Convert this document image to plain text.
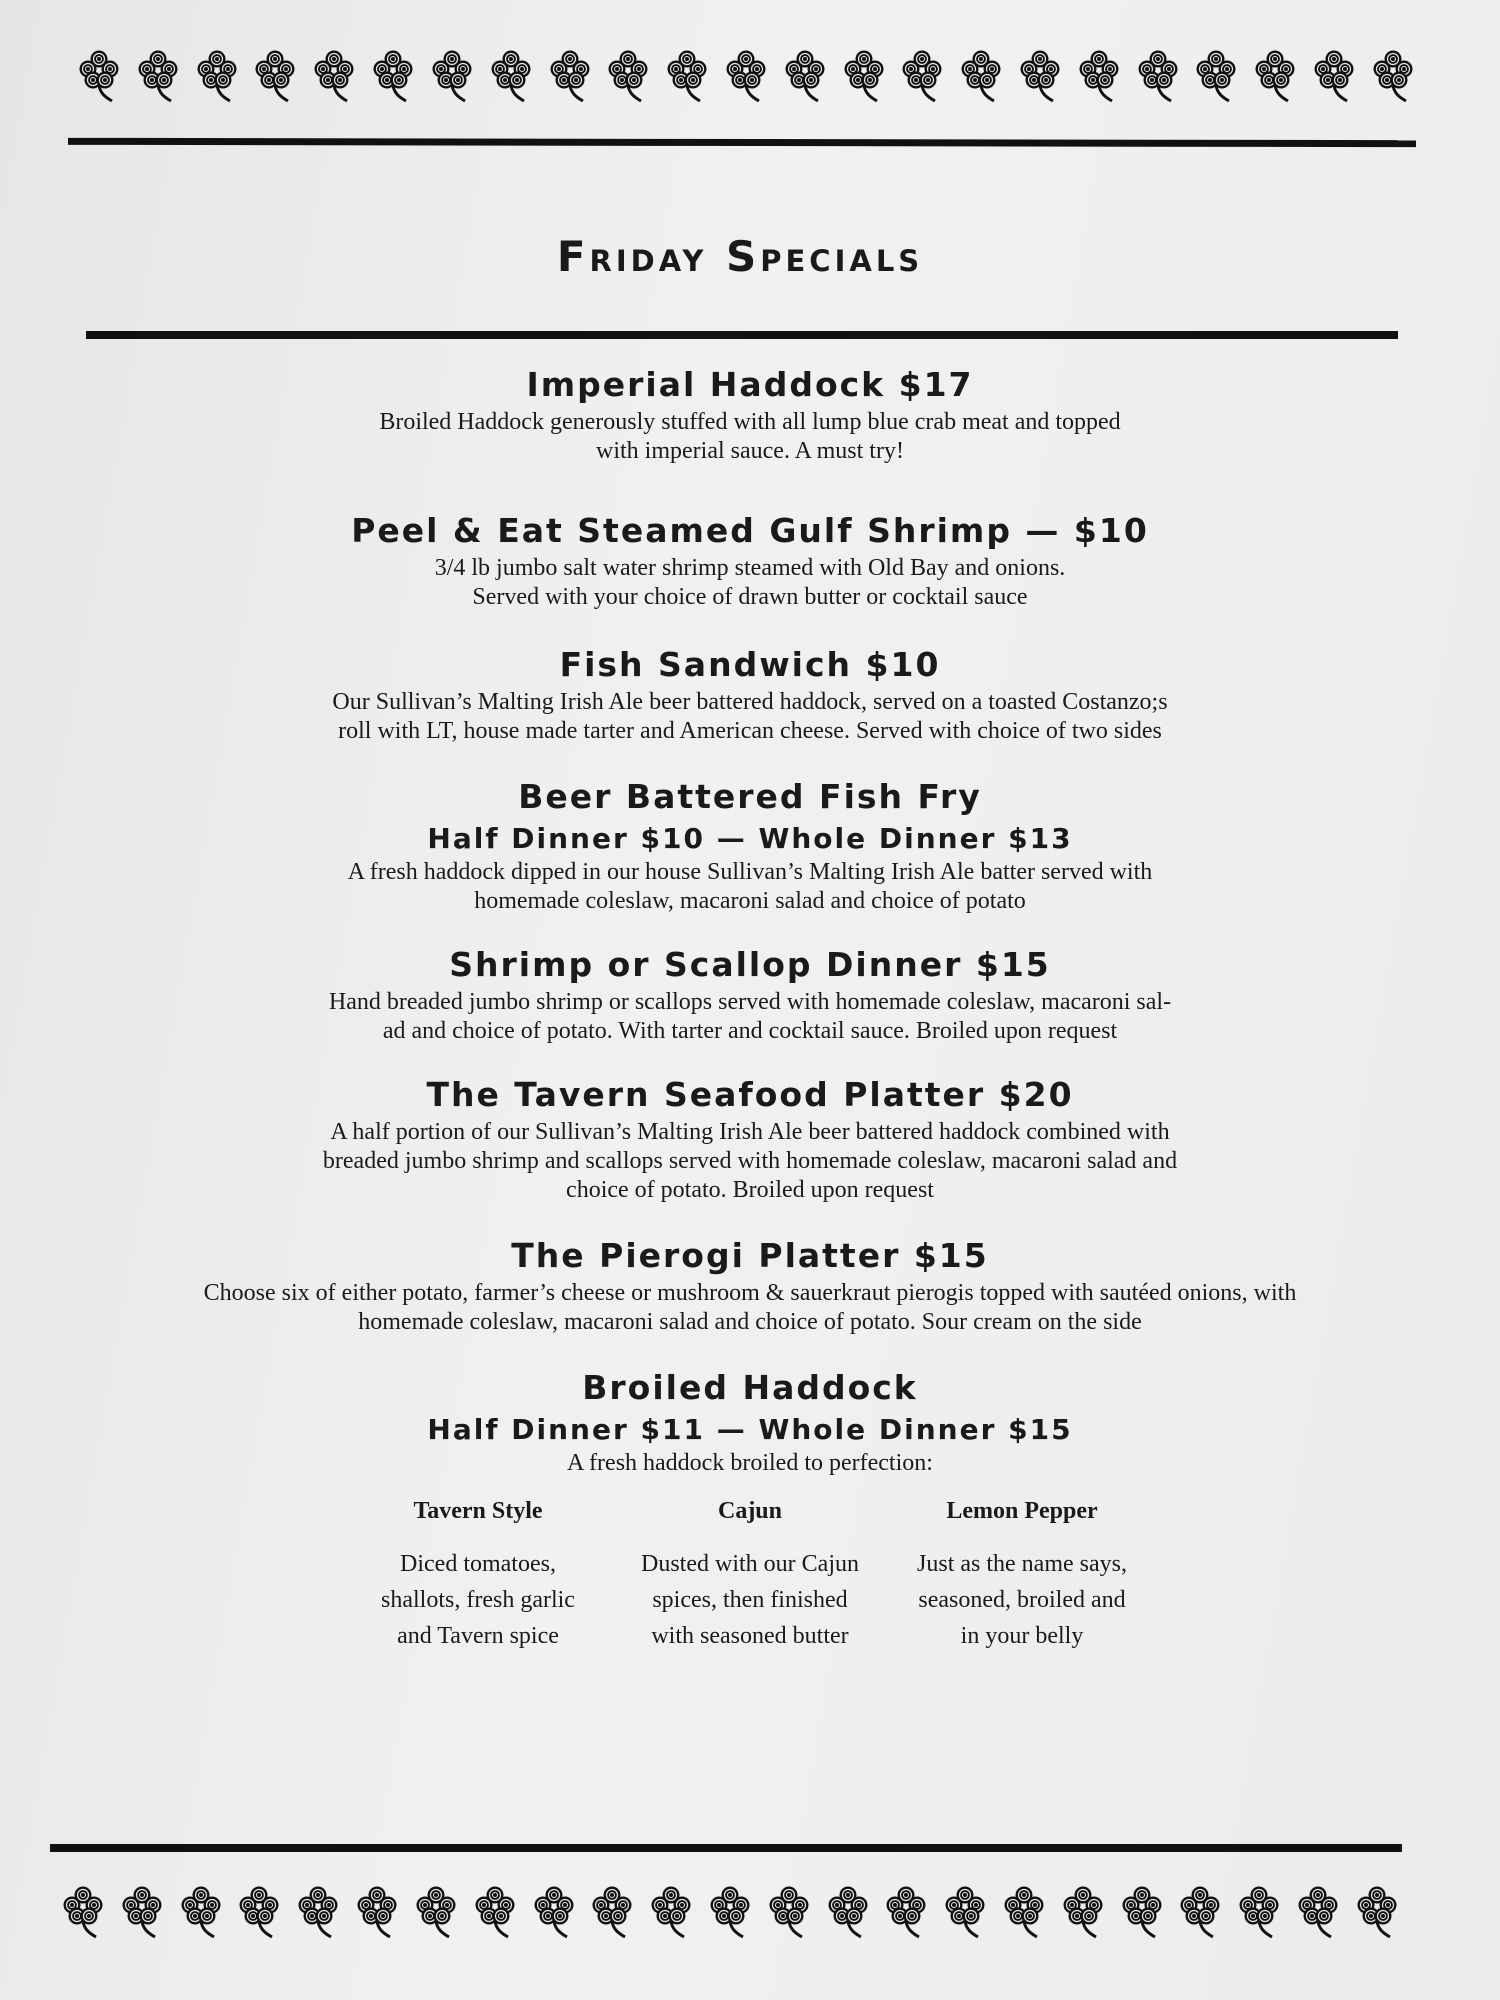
Friday Specials

Imperial Haddock $17

Broiled Haddock generously stuffed with all lump blue crab meat and topped
with imperial sauce. A must try!

Peel & Eat Steamed Gulf Shrimp — $10

3/4 lb jumbo salt water shrimp steamed with Old Bay and onions.
Served with your choice of drawn butter or cocktail sauce

Fish Sandwich $10

Our Sullivan’s Malting Irish Ale beer battered haddock, served on a toasted Costanzo;s
roll with LT, house made tarter and American cheese. Served with choice of two sides

Beer Battered Fish Fry

Half Dinner $10 — Whole Dinner $13

A fresh haddock dipped in our house Sullivan’s Malting Irish Ale batter served with
homemade coleslaw, macaroni salad and choice of potato

Shrimp or Scallop Dinner $15

Hand breaded jumbo shrimp or scallops served with homemade coleslaw, macaroni sal-
ad and choice of potato. With tarter and cocktail sauce. Broiled upon request

The Tavern Seafood Platter $20

A half portion of our Sullivan’s Malting Irish Ale beer battered haddock combined with
breaded jumbo shrimp and scallops served with homemade coleslaw, macaroni salad and
choice of potato. Broiled upon request

The Pierogi Platter $15

Choose six of either potato, farmer’s cheese or mushroom & sauerkraut pierogis topped with sautéed onions, with
homemade coleslaw, macaroni salad and choice of potato. Sour cream on the side

Broiled Haddock

Half Dinner $11 — Whole Dinner $15

A fresh haddock broiled to perfection:

Tavern Style

Diced tomatoes,
shallots, fresh garlic
and Tavern spice

Cajun

Dusted with our Cajun
spices, then finished
with seasoned butter

Lemon Pepper

Just as the name says,
seasoned, broiled and
in your belly
